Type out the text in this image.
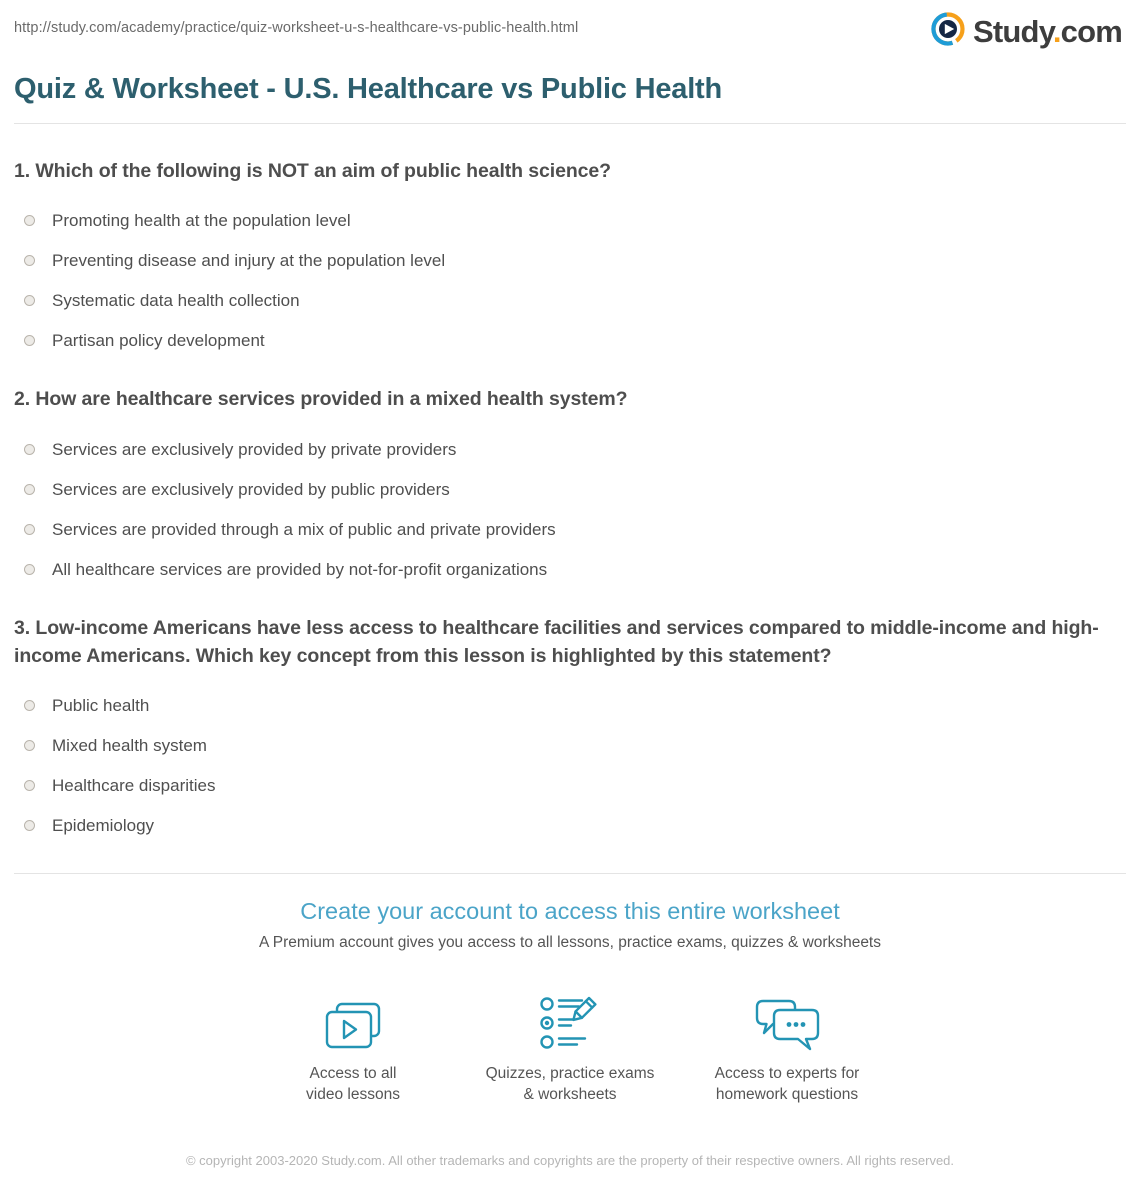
http://study.com/academy/practice/quiz-worksheet-u-s-healthcare-vs-public-health.html	Study.com
Quiz & Worksheet - U.S. Healthcare vs Public Health
1. Which of the following is NOT an aim of public health science?
Promoting health at the population level
Preventing disease and injury at the population level
Systematic data health collection
Partisan policy development
2. How are healthcare services provided in a mixed health system?
Services are exclusively provided by private providers
Services are exclusively provided by public providers
Services are provided through a mix of public and private providers
All healthcare services are provided by not-for-profit organizations
3. Low-income Americans have less access to healthcare facilities and services compared to middle-income and high-income Americans. Which key concept from this lesson is highlighted by this statement?
Public health
Mixed health system
Healthcare disparities
Epidemiology
Create your account to access this entire worksheet

A Premium account gives you access to all lessons, practice exams, quizzes & worksheets

Access to all
video lessons
Quizzes, practice exams
& worksheets
Access to experts for
homework questions

© copyright 2003-2020 Study.com. All other trademarks and copyrights are the property of their respective owners. All rights reserved.
